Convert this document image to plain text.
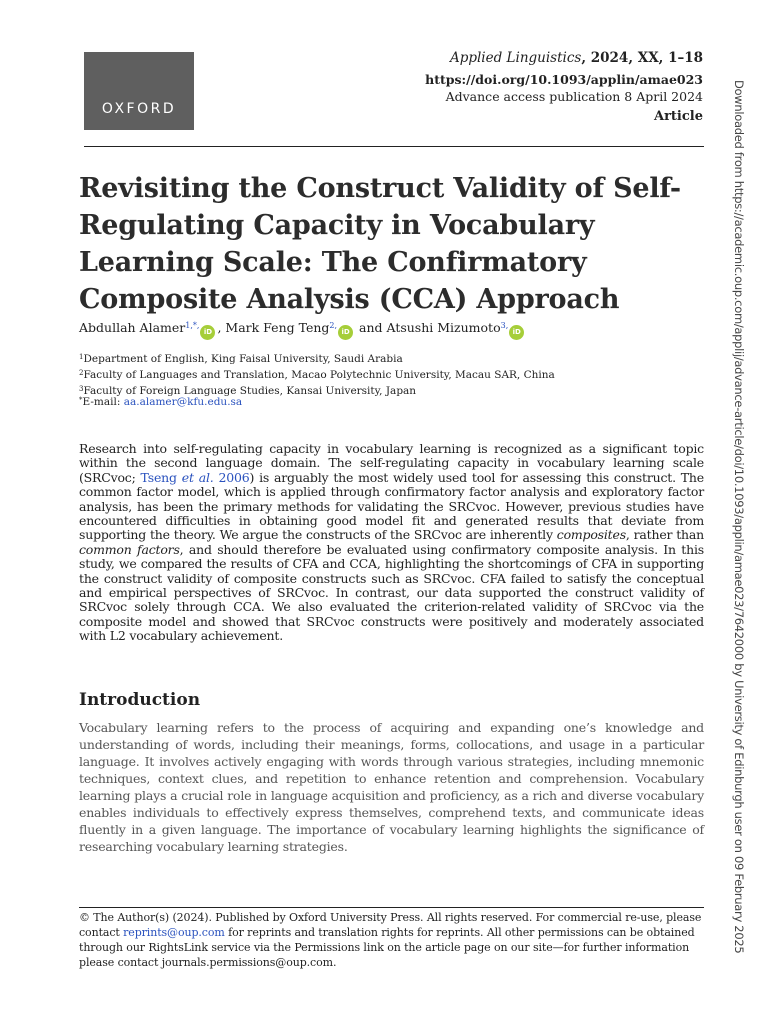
OXFORD
Applied Linguistics, 2024, XX, 1–18
https://doi.org/10.1093/applin/amae023
Advance access publication 8 April 2024
Article
Revisiting the Construct Validity of Self-Regulating Capacity in Vocabulary Learning Scale: The Confirmatory Composite Analysis (CCA) Approach
Abdullah Alamer$^{1,*,}$iD , Mark Feng Teng$^{2,}$iD and Atsushi Mizumoto$^{3,}$iD
$^1$Department of English, King Faisal University, Saudi Arabia
$^2$Faculty of Languages and Translation, Macao Polytechnic University, Macau SAR, China
$^3$Faculty of Foreign Language Studies, Kansai University, Japan
*E-mail: aa.alamer@kfu.edu.sa

Research into self-regulating capacity in vocabulary learning is recognized as a significant topic within the second language domain. The self-regulating capacity in vocabulary learning scale (SRCvoc; Tseng et al. 2006) is arguably the most widely used tool for assessing this construct. The common factor model, which is applied through confirmatory factor analysis and exploratory factor analysis, has been the primary methods for validating the SRCvoc. However, previous studies have encountered difficulties in obtaining good model fit and generated results that deviate from supporting the theory. We argue the constructs of the SRCvoc are inherently composites, rather than common factors, and should therefore be evaluated using confirmatory composite analysis. In this study, we compared the results of CFA and CCA, highlighting the shortcomings of CFA in supporting the construct validity of composite constructs such as SRCvoc. CFA failed to satisfy the conceptual and empirical perspectives of SRCvoc. In contrast, our data supported the construct validity of SRCvoc solely through CCA. We also evaluated the criterion-related validity of SRCvoc via the composite model and showed that SRCvoc constructs were positively and moderately associated with L2 vocabulary achievement.

Introduction

Vocabulary learning refers to the process of acquiring and expanding one’s knowledge and understanding of words, including their meanings, forms, collocations, and usage in a particular language. It involves actively engaging with words through various strategies, including mnemonic techniques, context clues, and repetition to enhance retention and comprehension. Vocabulary learning plays a crucial role in language acquisition and proficiency, as a rich and diverse vocabulary enables individuals to effectively express themselves, comprehend texts, and communicate ideas fluently in a given language. The importance of vocabulary learning highlights the significance of researching vocabulary learning strategies.

© The Author(s) (2024). Published by Oxford University Press. All rights reserved. For commercial re-use, please contact reprints@oup.com for reprints and translation rights for reprints. All other permissions can be obtained through our RightsLink service via the Permissions link on the article page on our site—for further information please contact journals.permissions@oup.com.

Downloaded from https://academic.oup.com/applij/advance-article/doi/10.1093/applin/amae023/7642000 by University of Edinburgh user on 09 February 2025
